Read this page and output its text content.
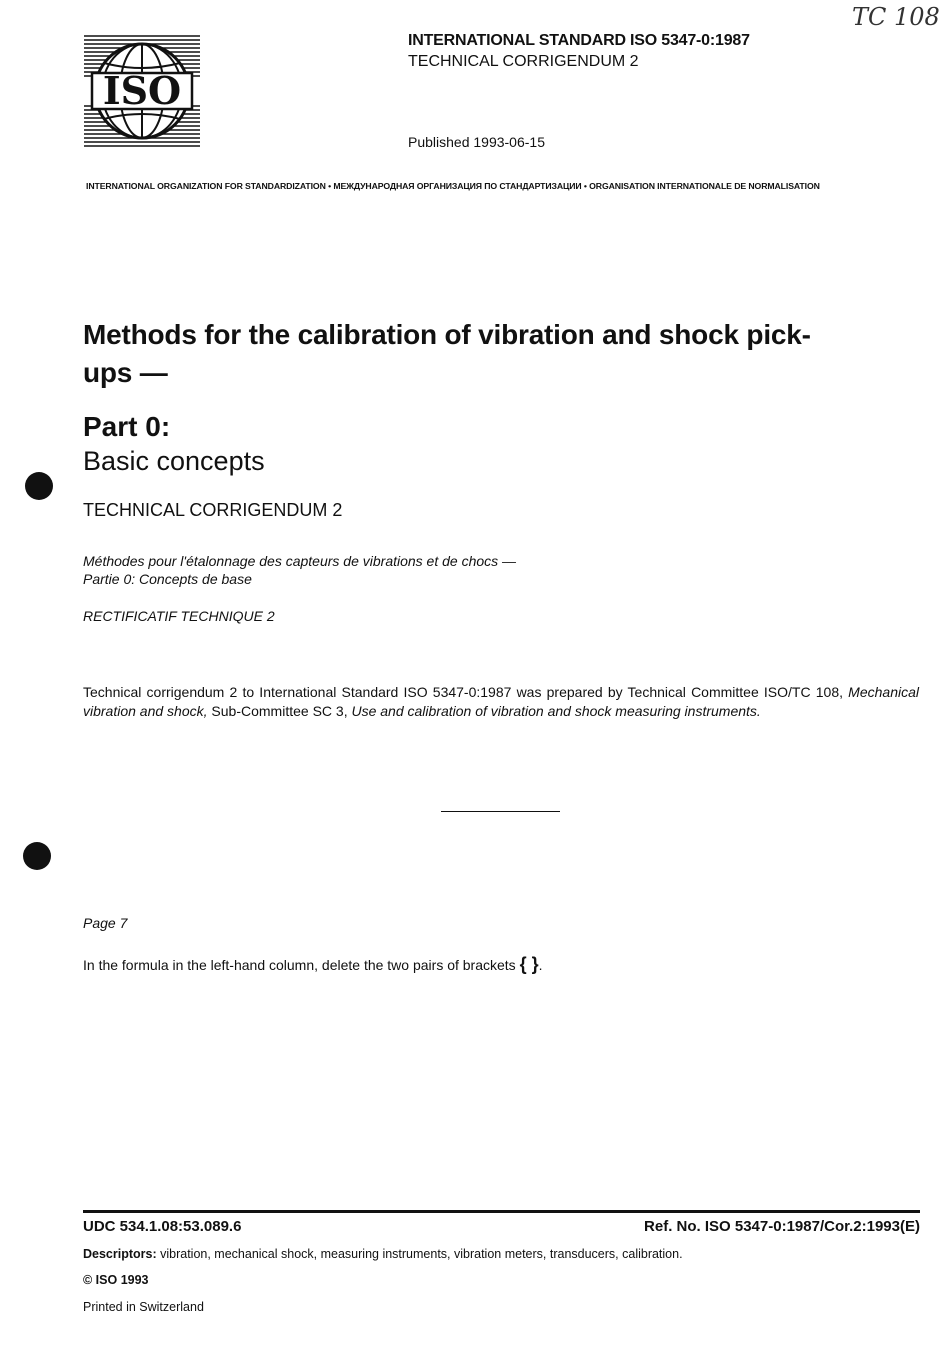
ISO
INTERNATIONAL STANDARD ISO 5347-0:1987
TECHNICAL CORRIGENDUM 2
Published 1993-06-15
TC 108
INTERNATIONAL ORGANIZATION FOR STANDARDIZATION • МЕЖДУНАРОДНАЯ ОРГАНИЗАЦИЯ ПО СТАНДАРТИЗАЦИИ • ORGANISATION INTERNATIONALE DE NORMALISATION
Methods for the calibration of vibration and shock pick-ups —
Part 0:
Basic concepts
TECHNICAL CORRIGENDUM 2
Méthodes pour l'étalonnage des capteurs de vibrations et de chocs —
Partie 0: Concepts de base
RECTIFICATIF TECHNIQUE 2
Technical corrigendum 2 to International Standard ISO 5347-0:1987 was prepared by Technical Committee ISO/TC 108, Mechanical vibration and shock, Sub-Committee SC 3, Use and calibration of vibration and shock measuring instruments.
Page 7
In the formula in the left-hand column, delete the two pairs of brackets { }.
UDC 534.1.08:53.089.6	Ref. No. ISO 5347-0:1987/Cor.2:1993(E)
Descriptors: vibration, mechanical shock, measuring instruments, vibration meters, transducers, calibration.
© ISO 1993
Printed in Switzerland
